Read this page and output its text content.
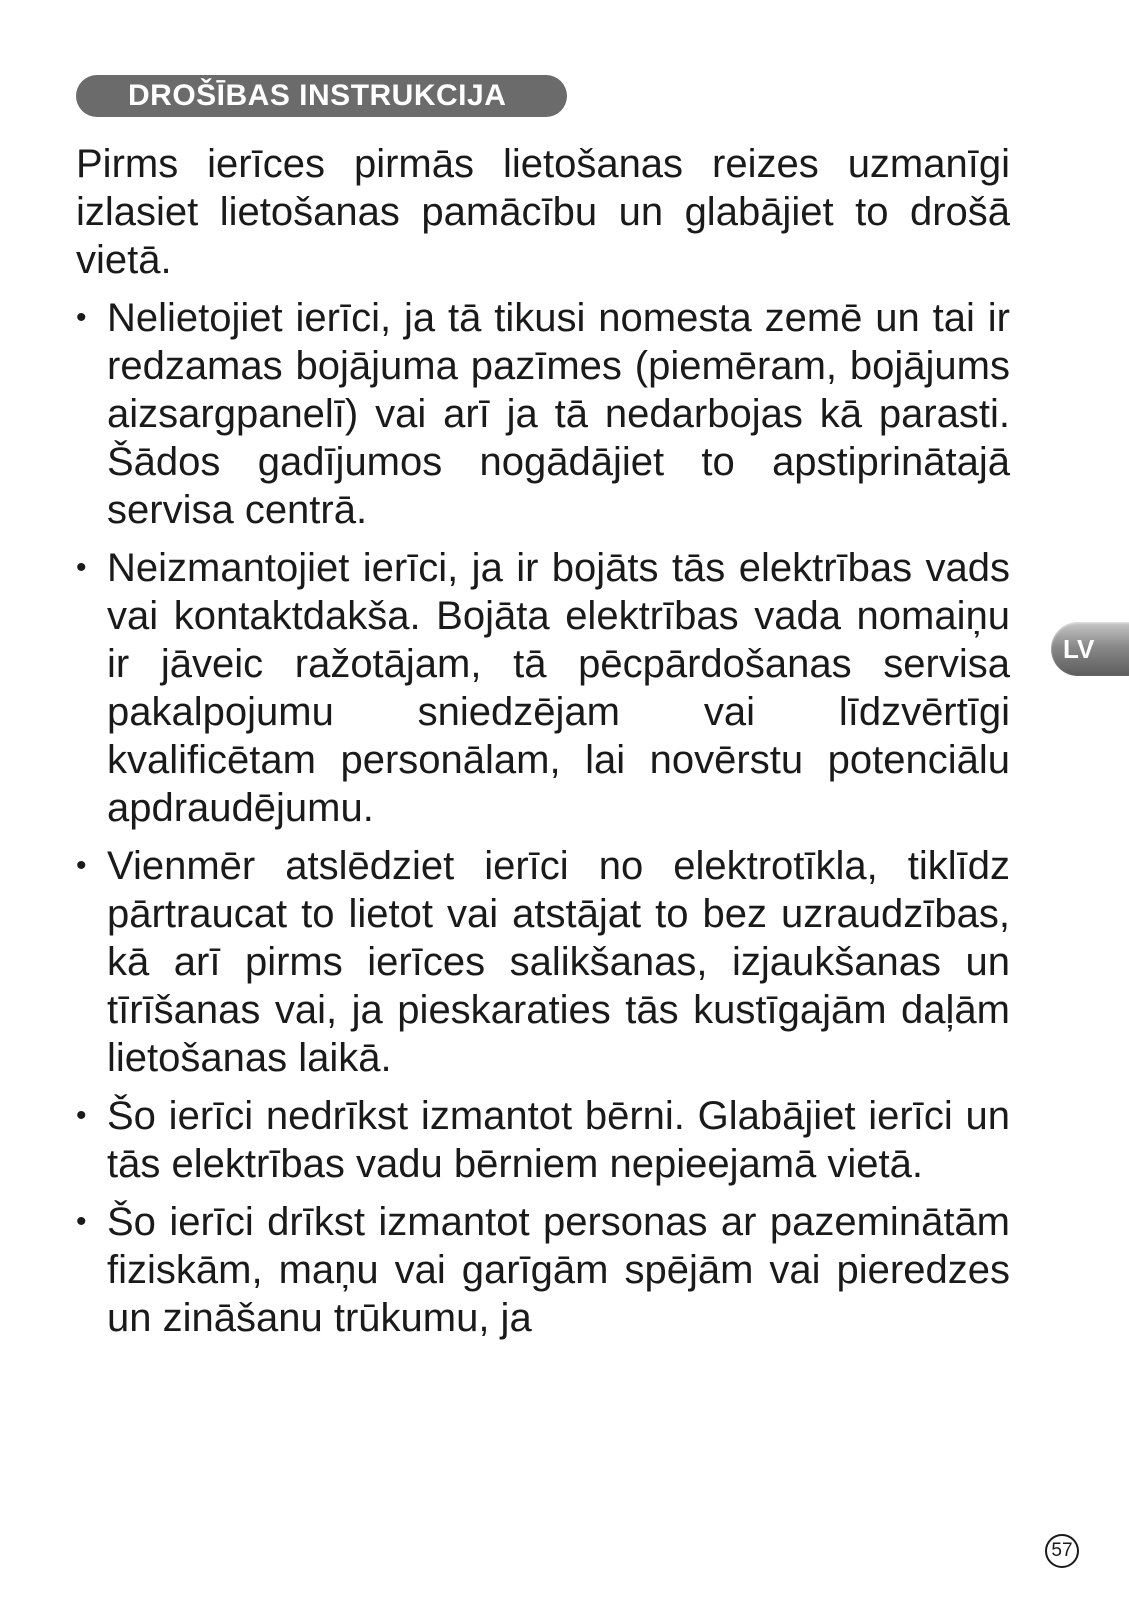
DROŠĪBAS INSTRUKCIJA

Pirms ierīces pirmās lietošanas reizes uzmanīgi izlasiet lietošanas pamācību un glabājiet to drošā vietā.

• Nelietojiet ierīci, ja tā tikusi nomesta zemē un tai ir redzamas bojājuma pazīmes (piemēram, bojājums aizsargpanelī) vai arī ja tā nedarbojas kā parasti. Šādos gadījumos nogādājiet to apstiprinātajā servisa centrā.
• Neizmantojiet ierīci, ja ir bojāts tās elektrības vads vai kontaktdakša. Bojāta elektrības vada nomaiņu ir jāveic ražotājam, tā pēcpārdošanas servisa pakalpojumu sniedzējam vai līdzvērtīgi kvalificētam personālam, lai novērstu potenciālu apdraudējumu.
• Vienmēr atslēdziet ierīci no elektrotīkla, tiklīdz pārtraucat to lietot vai atstājat to bez uzraudzības, kā arī pirms ierīces salikšanas, izjaukšanas un tīrīšanas vai, ja pieskaraties tās kustīgajām daļām lietošanas laikā.
• Šo ierīci nedrīkst izmantot bērni. Glabājiet ierīci un tās elektrības vadu bērniem nepieejamā vietā.
• Šo ierīci drīkst izmantot personas ar pazeminātām fiziskām, maņu vai garīgām spējām vai pieredzes un zināšanu trūkumu, ja
LV
57
